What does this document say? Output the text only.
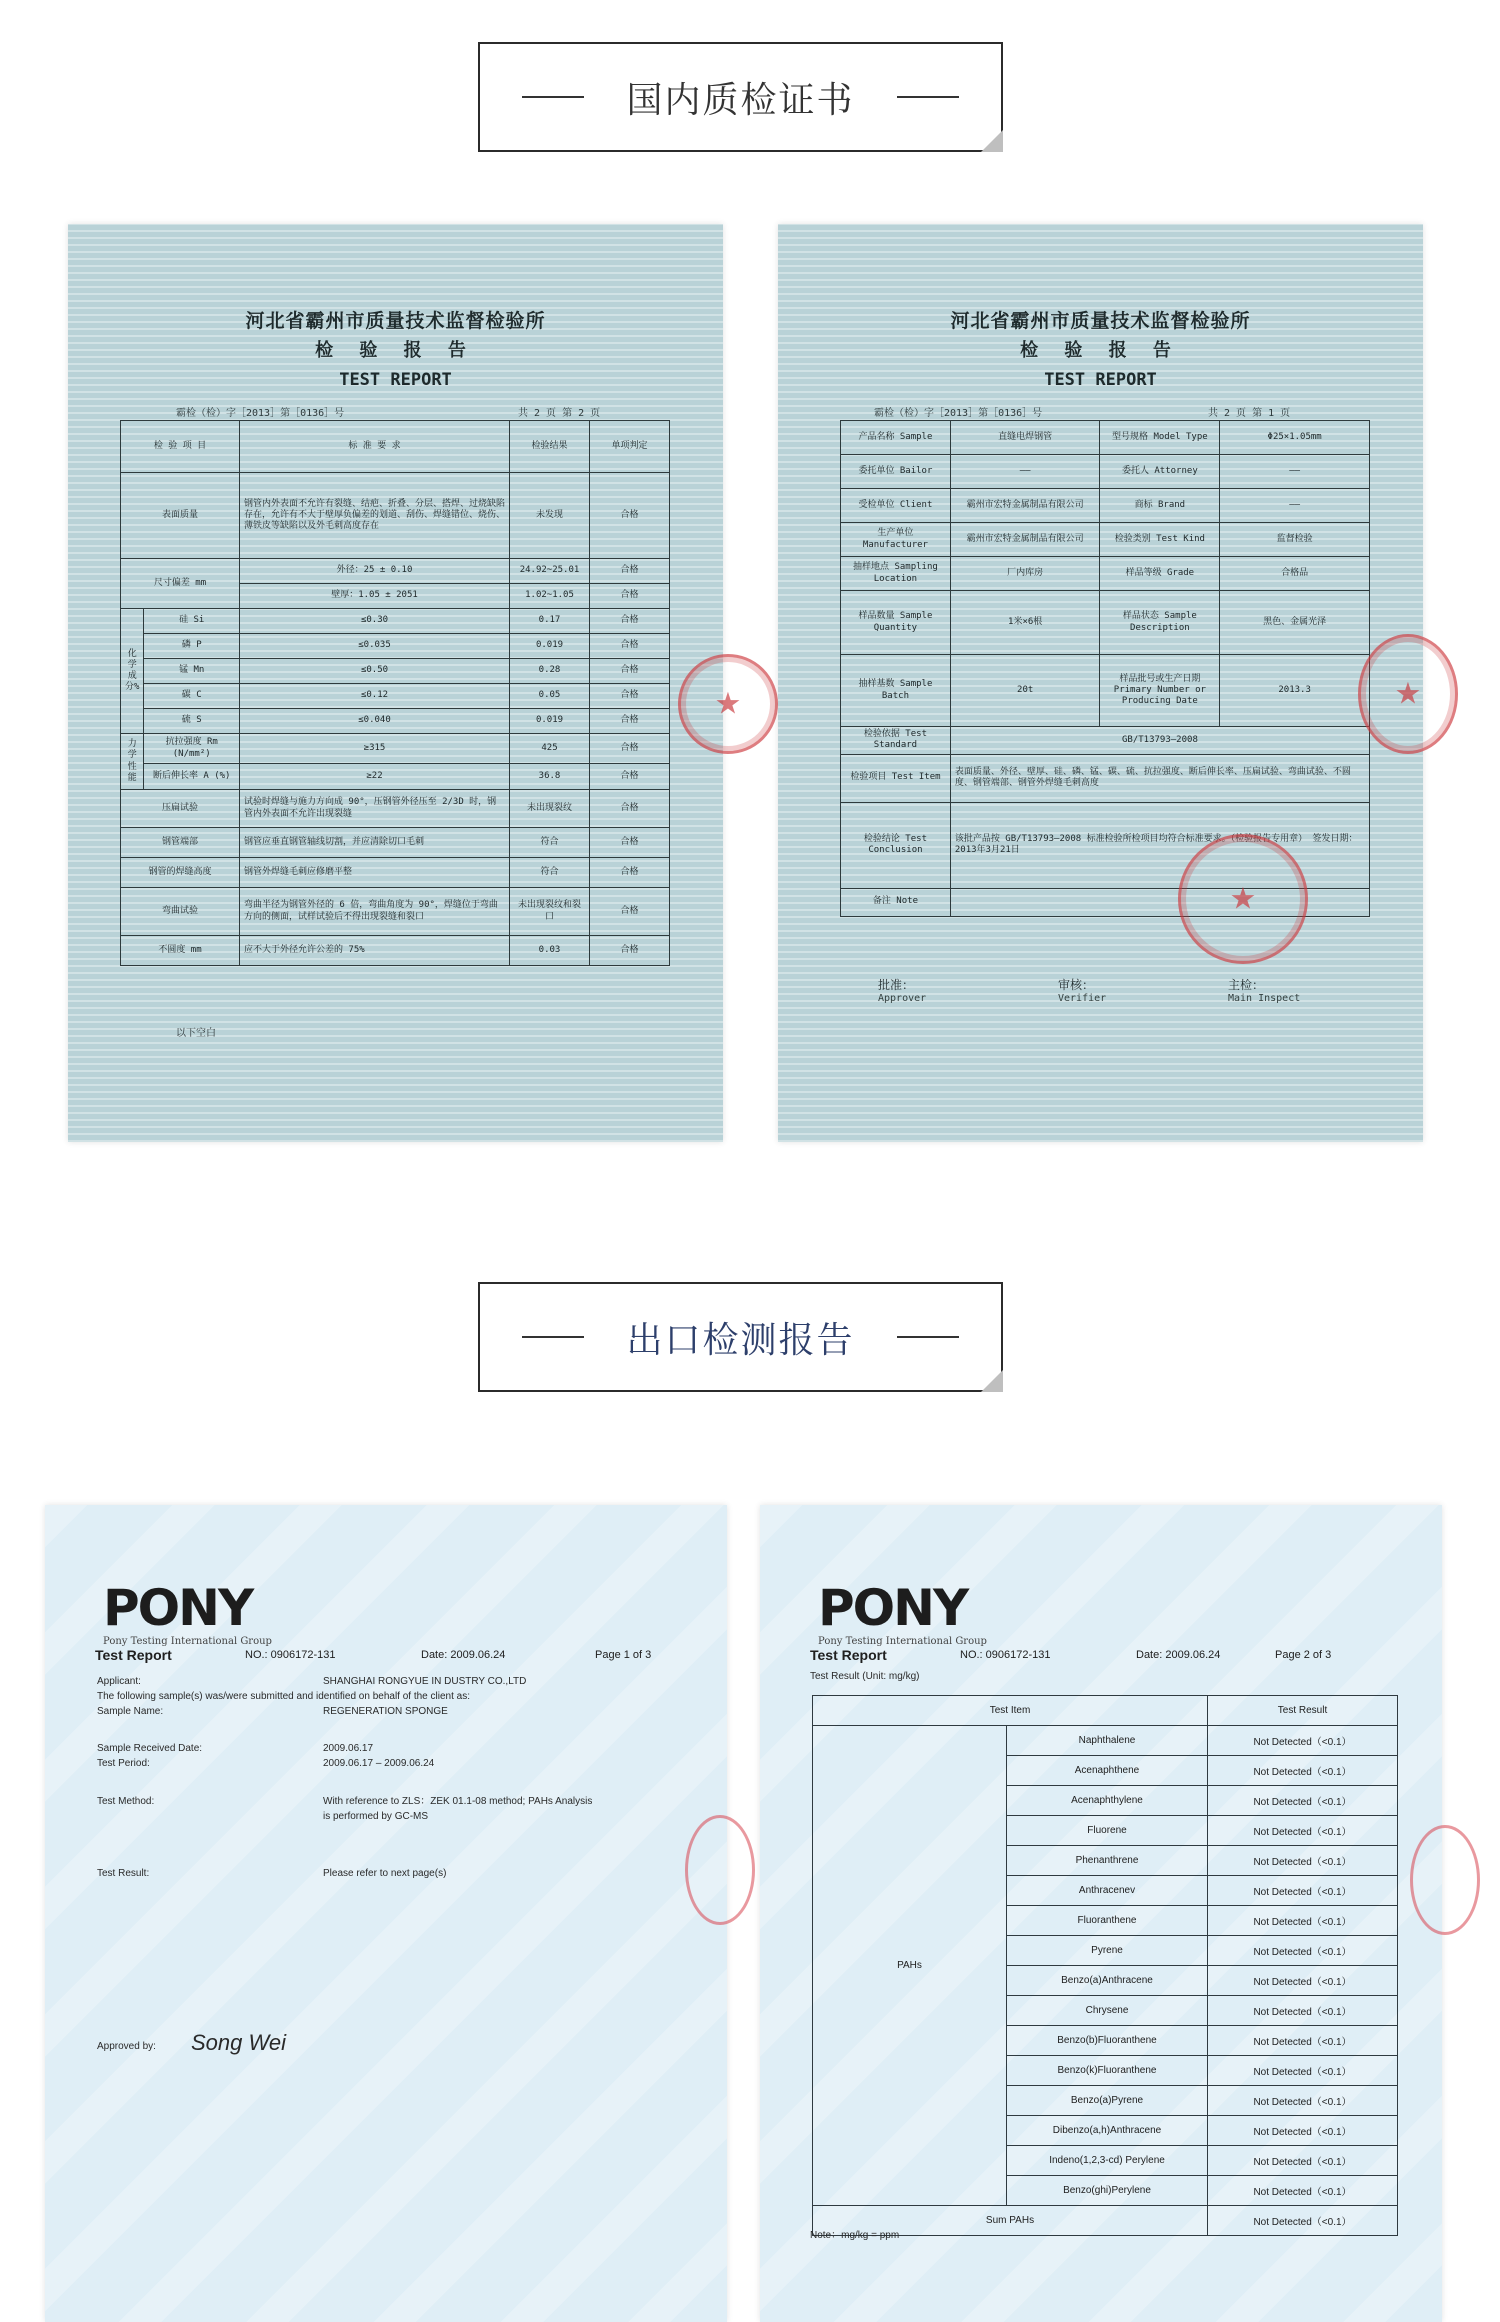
国内质检证书
河北省霸州市质量技术监督检验所
检 验 报 告
TEST REPORT
霸检（检）字［2013］第［0136］号	共 2 页 第 2 页
检 验 项 目		标 准 要 求	检验结果	单项判定
表面质量		钢管内外表面不允许有裂缝、结疤、折叠、分层、搭焊、过烧缺陷存在，允许有不大于壁厚负偏差的划道、刮伤、焊缝错位、烧伤、薄铁皮等缺陷以及外毛刺高度存在	未发现	合格
尺寸偏差 mm		外径：25 ± 0.10	24.92~25.01	合格
		壁厚：1.05 ± 2051	1.02~1.05	合格
化学成分%	硅 Si	≤0.30	0.17	合格
	磷 P	≤0.035	0.019	合格
	锰 Mn	≤0.50	0.28	合格
	碳 C	≤0.12	0.05	合格
	硫 S	≤0.040	0.019	合格
力学性能	抗拉强度 Rm (N/mm²)	≥315	425	合格
	断后伸长率 A (%)	≥22	36.8	合格
压扁试验		试验时焊缝与施力方向成 90°，压钢管外径压至 2/3D 时，钢管内外表面不允许出现裂缝	未出现裂纹	合格
钢管端部		钢管应垂直钢管轴线切割，并应清除切口毛刺	符合	合格
钢管的焊缝高度		钢管外焊缝毛刺应修磨平整	符合	合格
弯曲试验		弯曲半径为钢管外径的 6 倍，弯曲角度为 90°，焊缝位于弯曲方向的侧面，试样试验后不得出现裂缝和裂口	未出现裂纹和裂口	合格
不圆度 mm		应不大于外径允许公差的 75%	0.03	合格
以下空白
★
河北省霸州市质量技术监督检验所
检 验 报 告
TEST REPORT
霸检（检）字［2013］第［0136］号	共 2 页 第 1 页
产品名称 Sample	直缝电焊钢管	型号规格 Model Type	Φ25×1.05mm
委托单位 Bailor	——	委托人 Attorney	——
受检单位 Client	霸州市宏特金属制品有限公司	商标 Brand	——
生产单位 Manufacturer	霸州市宏特金属制品有限公司	检验类别 Test Kind	监督检验
抽样地点 Sampling Location	厂内库房	样品等级 Grade	合格品
样品数量 Sample Quantity	1米×6根	样品状态 Sample Description	黑色、金属光泽
抽样基数 Sample Batch	20t	样品批号或生产日期 Primary Number or Producing Date	2013.3
检验依据 Test Standard	GB/T13793—2008		
检验项目 Test Item	表面质量、外径、壁厚、硅、磷、锰、碳、硫、抗拉强度、断后伸长率、压扁试验、弯曲试验、不圆度、钢管端部、钢管外焊缝毛刺高度		
检验结论 Test Conclusion	该批产品按 GB/T13793—2008 标准检验所检项目均符合标准要求。（检验报告专用章） 签发日期：2013年3月21日		
备注 Note				★
★
批准：
Approver
审核：
Verifier
主检：
Main Inspect
出口检测报告
PONY
Pony Testing International Group
Test Report	NO.: 0906172-131	Date: 2009.06.24	Page 1 of 3
Applicant:	SHANGHAI RONGYUE IN DUSTRY CO.,LTD
The following sample(s) was/were submitted and identified on behalf of the client as:
Sample Name:	REGENERATION SPONGE
Sample Received Date:	2009.06.17
Test Period:	2009.06.17 – 2009.06.24
Test Method:	With reference to ZLS：ZEK 01.1-08 method; PAHs Analysis is performed by GC-MS
Test Result:	Please refer to next page(s)
Approved by: Song Wei
PONY
Pony Testing International Group
Test Report	NO.: 0906172-131	Date: 2009.06.24	Page 2 of 3
Test Result (Unit: mg/kg)
Test Item		Test Result
PAHs	Naphthalene	Not Detected（<0.1）
	Acenaphthene	Not Detected（<0.1）
	Acenaphthylene	Not Detected（<0.1）
	Fluorene	Not Detected（<0.1）
	Phenanthrene	Not Detected（<0.1）
	Anthracenev	Not Detected（<0.1）
	Fluoranthene	Not Detected（<0.1）
	Pyrene	Not Detected（<0.1）
	Benzo(a)Anthracene	Not Detected（<0.1）
	Chrysene	Not Detected（<0.1）
	Benzo(b)Fluoranthene	Not Detected（<0.1）
	Benzo(k)Fluoranthene	Not Detected（<0.1）
	Benzo(a)Pyrene	Not Detected（<0.1）
	Dibenzo(a,h)Anthracene	Not Detected（<0.1）
	Indeno(1,2,3-cd) Perylene	Not Detected（<0.1）
	Benzo(ghi)Perylene	Not Detected（<0.1）
Sum PAHs		Not Detected（<0.1）
Note：mg/kg = ppm
